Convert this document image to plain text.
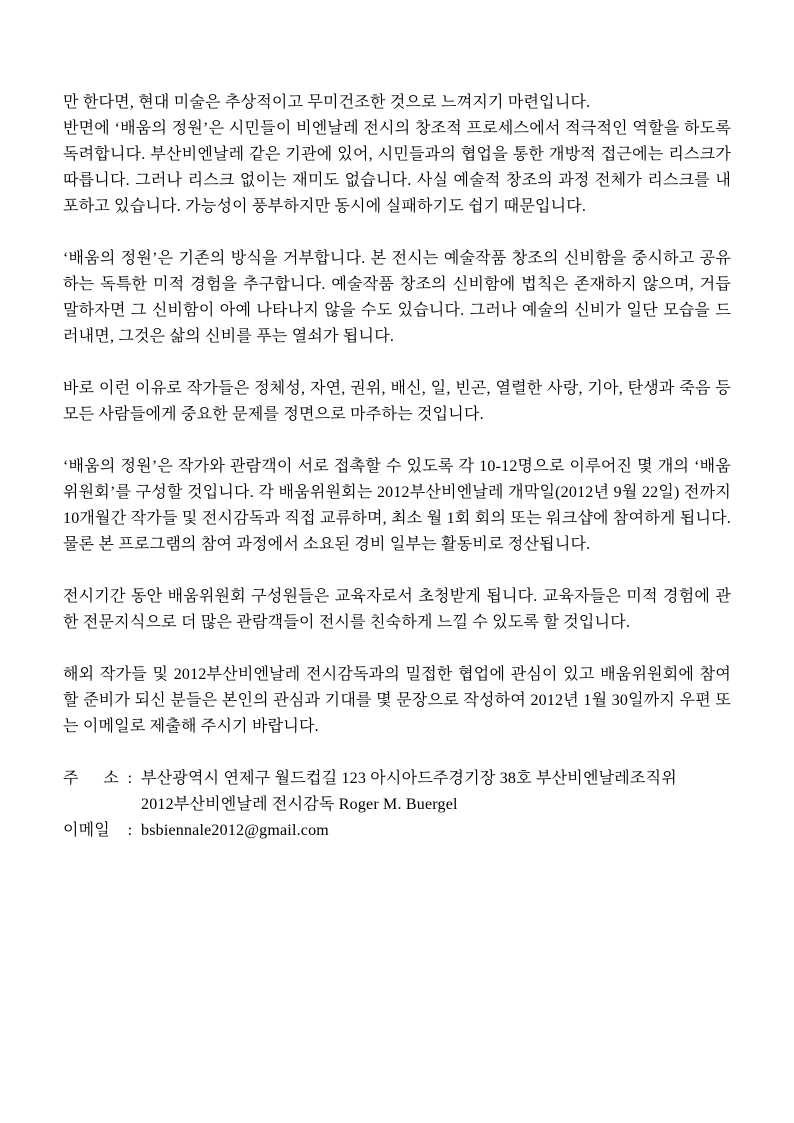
만 한다면, 현대 미술은 추상적이고 무미건조한 것으로 느껴지기 마련입니다.

반면에 ‘배움의 정원’은 시민들이 비엔날레 전시의 창조적 프로세스에서 적극적인 역할을 하도록 독려합니다. 부산비엔날레 같은 기관에 있어, 시민들과의 협업을 통한 개방적 접근에는 리스크가 따릅니다. 그러나 리스크 없이는 재미도 없습니다. 사실 예술적 창조의 과정 전체가 리스크를 내포하고 있습니다. 가능성이 풍부하지만 동시에 실패하기도 쉽기 때문입니다.

‘배움의 정원’은 기존의 방식을 거부합니다. 본 전시는 예술작품 창조의 신비함을 중시하고 공유하는 독특한 미적 경험을 추구합니다. 예술작품 창조의 신비함에 법칙은 존재하지 않으며, 거듭 말하자면 그 신비함이 아예 나타나지 않을 수도 있습니다. 그러나 예술의 신비가 일단 모습을 드러내면, 그것은 삶의 신비를 푸는 열쇠가 됩니다.

바로 이런 이유로 작가들은 정체성, 자연, 권위, 배신, 일, 빈곤, 열렬한 사랑, 기아, 탄생과 죽음 등 모든 사람들에게 중요한 문제를 정면으로 마주하는 것입니다.

‘배움의 정원’은 작가와 관람객이 서로 접촉할 수 있도록 각 10-12명으로 이루어진 몇 개의 ‘배움위원회’를 구성할 것입니다. 각 배움위원회는 2012부산비엔날레 개막일(2012년 9월 22일) 전까지 10개월간 작가들 및 전시감독과 직접 교류하며, 최소 월 1회 회의 또는 워크샵에 참여하게 됩니다. 물론 본 프로그램의 참여 과정에서 소요된 경비 일부는 활동비로 정산됩니다.

전시기간 동안 배움위원회 구성원들은 교육자로서 초청받게 됩니다. 교육자들은 미적 경험에 관한 전문지식으로 더 많은 관람객들이 전시를 친숙하게 느낄 수 있도록 할 것입니다.

해외 작가들 및 2012부산비엔날레 전시감독과의 밀접한 협업에 관심이 있고 배움위원회에 참여할 준비가 되신 분들은 본인의 관심과 기대를 몇 문장으로 작성하여 2012년 1월 30일까지 우편 또는 이메일로 제출해 주시기 바랍니다.

주 소 : 부산광역시 연제구 월드컵길 123 아시아드주경기장 38호 부산비엔날레조직위
2012부산비엔날레 전시감독 Roger M. Buergel
이메일	: bsbiennale2012@gmail.com
